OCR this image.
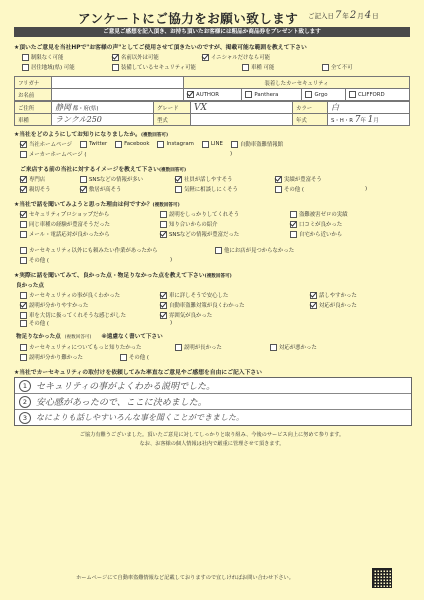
アンケートにご協力をお願い致します ご記入日 7 年 2 月 4 日
ご意見ご感想を記入頂き、お持ち頂いたお客様には粗品か商品券をプレゼント致します
★頂いたご意見を当社HPで"お客様の声"としてご使用させて頂きたいのですが、掲載可能な範囲を教えて下さい
制限なく可能	名前以外は可能	イニシャルだけなら可能
居住地域(県) 可能	装備しているセキュリティ可能	車種 可能	全て不可
フリガナ		装着したカーセキュリティ			
お名前		AUTHOR	Panthera	Grgo	CLIFFORD
ご住所	静岡 都・府(県)	グレード	VX	カラー	白
車種	ランクル250	型式		年式	S・H・R 7年 1月
★当社をどのようにしてお知りになりましたか。(複数回答可)
当社ホームページ	Twitter	Facebook	Instagram	LINE	自動車盗難情報館
メーカーホームページ (	)
ご来店する前の当社に対するイメージを教えて下さい(複数回答可)
専門店	SNSなどの情報が多い	社員が話しやすそう	実績が豊富そう
親切そう	敷居が高そう	気軽に相談しにくそう	その他 (	)
★当社で話を聞いてみようと思った理由は何ですか？(複数回答可)
セキュリティプロショップだから	説明をしっかりしてくれそう	盗難被害ゼロの実績
同じ車種の経験が豊富そうだった	知り合いからの紹介	口コミが良かった
メール・電話応対が良かったから	SNSなどの情報が豊富だった	自宅から近いから
カーセキュリティ以外にも頼みたい作業があったから	他にお店が見つからなかった
その他 (	)
★実際に話を聞いてみて、良かった点・物足りなかった点を教えて下さい(複数回答可)
良かった点
カーセキュリティの事が良くわかった	車に詳しそうで安心した	話しやすかった
説明が分かりやすかった	自動車盗難対策が良くわかった	対応が良かった
車を大切に扱ってくれそうな感じがした	雰囲気が良かった
その他 (	)
物足りなかった点 (複数回答可) ※遠慮なく書いて下さい
カーセキュリティについてもっと知りたかった	説明が長かった	対応が悪かった
説明が分かり難かった	その他 (
★当社でカーセキュリティの取付けを依頼してみた率直なご意見やご感想を自由にご記入下さい
1 セキュリティの事がよくわかる説明でした。
2 安心感があったので、ここに決めました。
3	なによりも話しやすいろんな事を聞くことができました。
ご協力有難うございました。頂いたご意見に対してしっかりと取り組み、今後のサービス向上に努めて参ります。
なお、お客様の個人情報は社内で厳重に管理させて頂きます。
ホームページにて自動車盗難情報など記載しておりますので宜しければお問い合わせ下さい。
